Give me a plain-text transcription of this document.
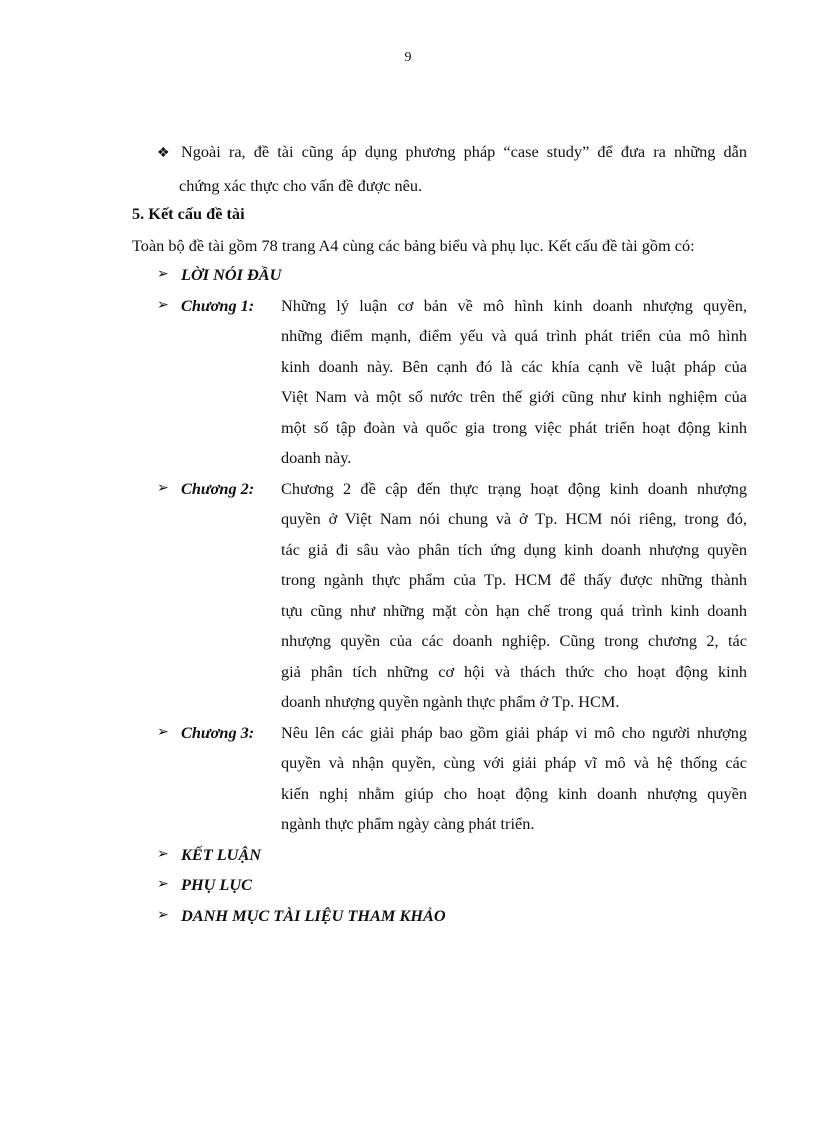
9
❖ Ngoài ra, đề tài cũng áp dụng phương pháp “case study” để đưa ra những dẫn
chứng xác thực cho vấn đề được nêu.
5. Kết cấu đề tài
Toàn bộ đề tài gồm 78 trang A4 cùng các bảng biểu và phụ lục. Kết cấu đề tài gồm có:
➢ LỜI NÓI ĐẦU
➢ Chương 1:	Những lý luận cơ bản về mô hình kinh doanh nhượng quyền,
những điểm mạnh, điểm yếu và quá trình phát triển của mô hình
kinh doanh này. Bên cạnh đó là các khía cạnh về luật pháp của
Việt Nam và một số nước trên thế giới cũng như kinh nghiệm của
một số tập đoàn và quốc gia trong việc phát triển hoạt động kinh
doanh này.
➢ Chương 2:	Chương 2 đề cập đến thực trạng hoạt động kinh doanh nhượng
quyền ở Việt Nam nói chung và ở Tp. HCM nói riêng, trong đó,
tác giả đi sâu vào phân tích ứng dụng kinh doanh nhượng quyền
trong ngành thực phẩm của Tp. HCM để thấy được những thành
tựu cũng như những mặt còn hạn chế trong quá trình kinh doanh
nhượng quyền của các doanh nghiệp. Cũng trong chương 2, tác
giả phân tích những cơ hội và thách thức cho hoạt động kinh
doanh nhượng quyền ngành thực phẩm ở Tp. HCM.
➢ Chương 3:	Nêu lên các giải pháp bao gồm giải pháp vi mô cho người nhượng
quyền và nhận quyền, cùng với giải pháp vĩ mô và hệ thống các
kiến nghị nhằm giúp cho hoạt động kinh doanh nhượng quyền
ngành thực phẩm ngày càng phát triển.
➢ KẾT LUẬN
➢ PHỤ LỤC
➢ DANH MỤC TÀI LIỆU THAM KHẢO
